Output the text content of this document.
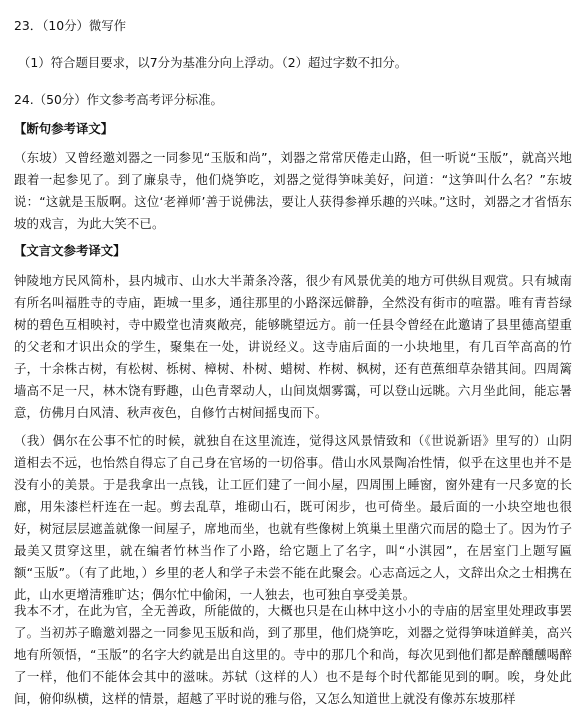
23．（10分）微写作
（1）符合题目要求，以7分为基准分向上浮动。（2）超过字数不扣分。
24.（50分）作文参考高考评分标准。
【断句参考译文】
（东坡）又曾经邀刘器之一同参见“玉版和尚”，刘器之常常厌倦走山路，但一听说“玉版”，就高兴地跟着一起参见了。到了廉泉寺，他们烧笋吃，刘器之觉得笋味美好，问道：“这笋叫什么名？”东坡说：“这就是玉版啊。这位‘老禅师’善于说佛法，要让人获得参禅乐趣的兴味。”这时，刘器之才省悟东坡的戏言，为此大笑不已。
【文言文参考译文】
钟陵地方民风简朴，县内城市、山水大半萧条冷落，很少有风景优美的地方可供纵目观赏。只有城南有所名叫福胜寺的寺庙，距城一里多，通往那里的小路深远僻静，全然没有街市的喧嚣。唯有青苔绿树的碧色互相映衬，寺中殿堂也清爽敞亮，能够眺望远方。前一任县令曾经在此邀请了县里德高望重的父老和才识出众的学生，聚集在一处，讲说经义。这寺庙后面的一小块地里，有几百竿高高的竹子，十余株古树，有松树、栎树、樟树、朴树、蜡树、柞树、枫树，还有芭蕉细草杂错其间。四周篱墙高不足一尺，林木饶有野趣，山色青翠动人，山间岚烟雾霭，可以登山远眺。六月坐此间，能忘暑意，仿佛月白风清、秋声夜色，自修竹古树间摇曳而下。
（我）偶尔在公事不忙的时候，就独自在这里流连，觉得这风景情致和（《世说新语》里写的）山阴道相去不远，也怡然自得忘了自己身在官场的一切俗事。借山水风景陶冶性情，似乎在这里也并不是没有小的美景。于是我拿出一点钱，让工匠们建了一间小屋，四周围上睡窗，窗外建有一尺多宽的长廊，用朱漆栏杆连在一起。剪去乱草，堆砌山石，既可闲步，也可倚坐。最后面的一小块空地也很好，树冠层层遮盖就像一间屋子，席地而坐，也就有些像树上筑巢土里凿穴而居的隐士了。因为竹子最美又贯穿这里，就在编者竹林当作了小路，给它题上了名字，叫“小淇园”，在居室门上题写匾额“玉版”。（有了此地，）乡里的老人和学子未尝不能在此聚会。心志高远之人，文辞出众之士相携在此，山水更增清雅旷达；偶尔忙中偷闲，一人独去，也可独自享受美景。
我本不才，在此为官，全无善政，所能做的，大概也只是在山林中这小小的寺庙的居室里处理政事罢了。当初苏子瞻邀刘器之一同参见玉版和尚，到了那里，他们烧笋吃，刘器之觉得笋味道鲜美，高兴地有所领悟，“玉版”的名字大约就是出自这里的。寺中的那几个和尚，每次见到他们都是醉醺醺喝醉了一样，他们不能体会其中的滋味。苏轼（这样的人）也不是每个时代都能见到的啊。唉，身处此间，俯仰纵横，这样的情景，超越了平时说的雅与俗，又怎么知道世上就没有像苏东坡那样
